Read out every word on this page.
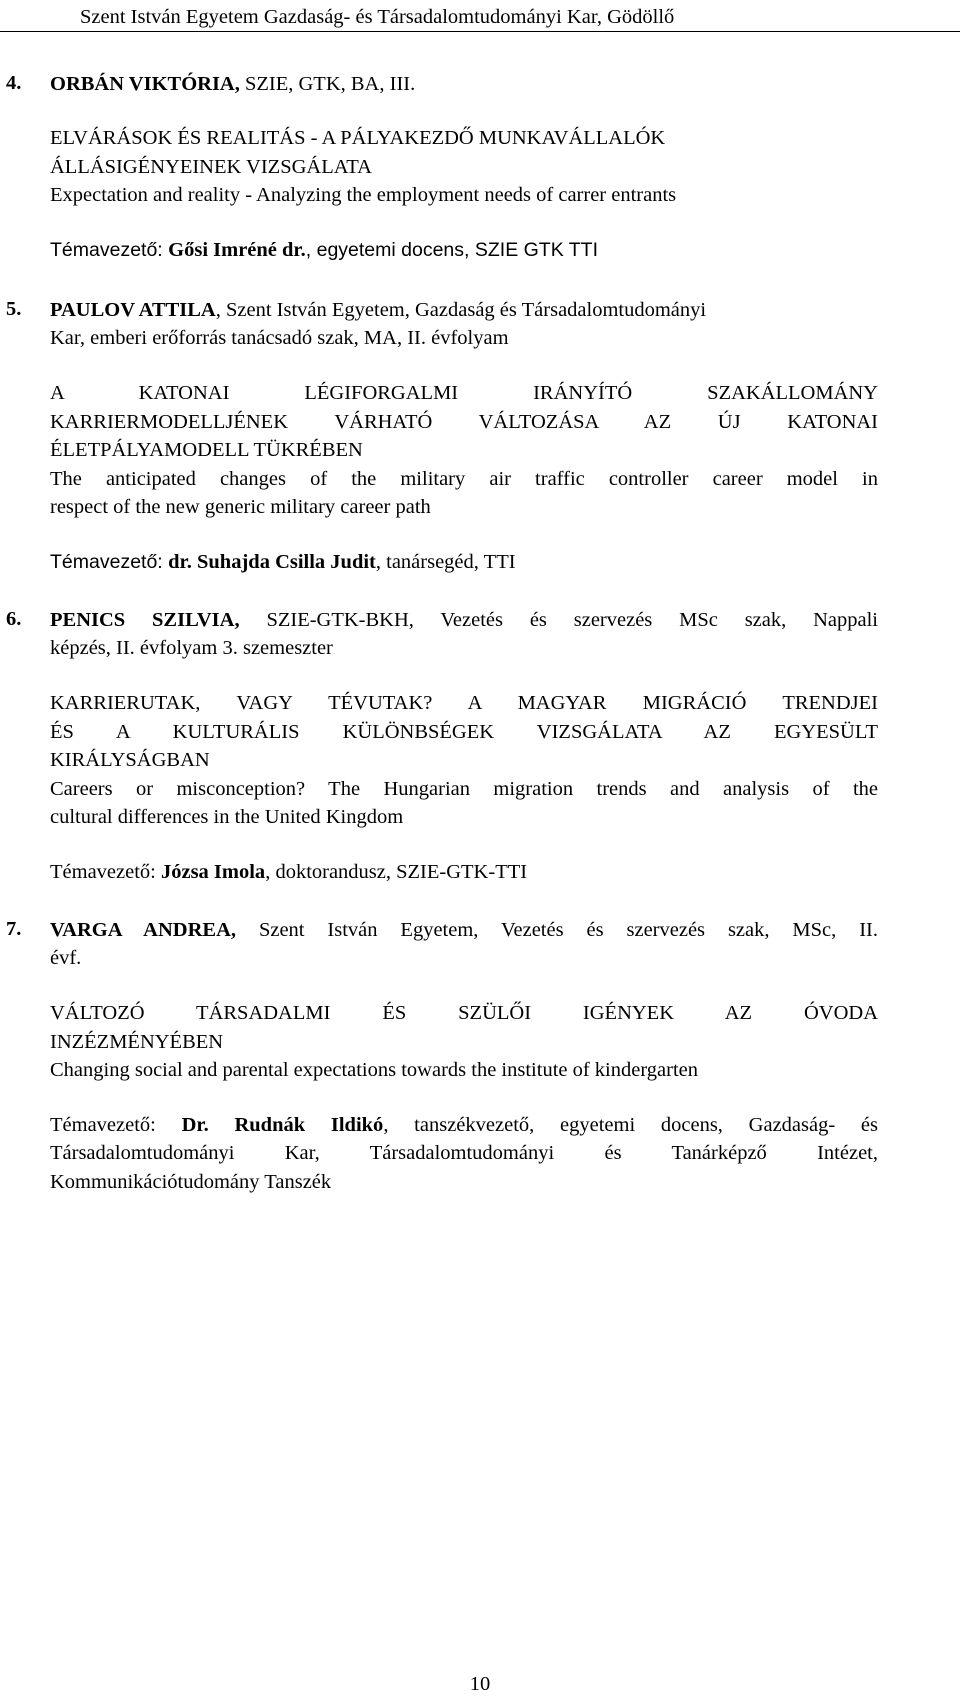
Szent István Egyetem Gazdaság- és Társadalomtudományi Kar, Gödöllő
4. ORBÁN VIKTÓRIA, SZIE, GTK, BA, III.
ELVÁRÁSOK ÉS REALITÁS - A PÁLYAKEZDŐ MUNKAVÁLLALÓK
ÁLLÁSIGÉNYEINEK VIZSGÁLATA
Expectation and reality - Analyzing the employment needs of carrer entrants
Témavezető: Gősi Imréné dr., egyetemi docens, SZIE GTK TTI
5. PAULOV ATTILA, Szent István Egyetem, Gazdaság és Társadalomtudományi
Kar, emberi erőforrás tanácsadó szak, MA, II. évfolyam
A KATONAI LÉGIFORGALMI IRÁNYÍTÓ SZAKÁLLOMÁNY
KARRIERMODELLJÉNEK VÁRHATÓ VÁLTOZÁSA AZ ÚJ KATONAI
ÉLETPÁLYAMODELL TÜKRÉBEN
The anticipated changes of the military air traffic controller career model in
respect of the new generic military career path
Témavezető: dr. Suhajda Csilla Judit, tanársegéd, TTI
6. PENICS SZILVIA, SZIE-GTK-BKH, Vezetés és szervezés MSc szak, Nappali
képzés, II. évfolyam 3. szemeszter
KARRIERUTAK, VAGY TÉVUTAK? A MAGYAR MIGRÁCIÓ TRENDJEI
ÉS A KULTURÁLIS KÜLÖNBSÉGEK VIZSGÁLATA AZ EGYESÜLT
KIRÁLYSÁGBAN
Careers or misconception? The Hungarian migration trends and analysis of the
cultural differences in the United Kingdom
Témavezető: Józsa Imola, doktorandusz, SZIE-GTK-TTI
7. VARGA ANDREA, Szent István Egyetem, Vezetés és szervezés szak, MSc, II.
évf.
VÁLTOZÓ TÁRSADALMI ÉS SZÜLŐI IGÉNYEK AZ ÓVODA
INZÉZMÉNYÉBEN
Changing social and parental expectations towards the institute of kindergarten
Témavezető: Dr. Rudnák Ildikó, tanszékvezető, egyetemi docens, Gazdaság- és
Társadalomtudományi Kar, Társadalomtudományi és Tanárképző Intézet,
Kommunikációtudomány Tanszék
10
